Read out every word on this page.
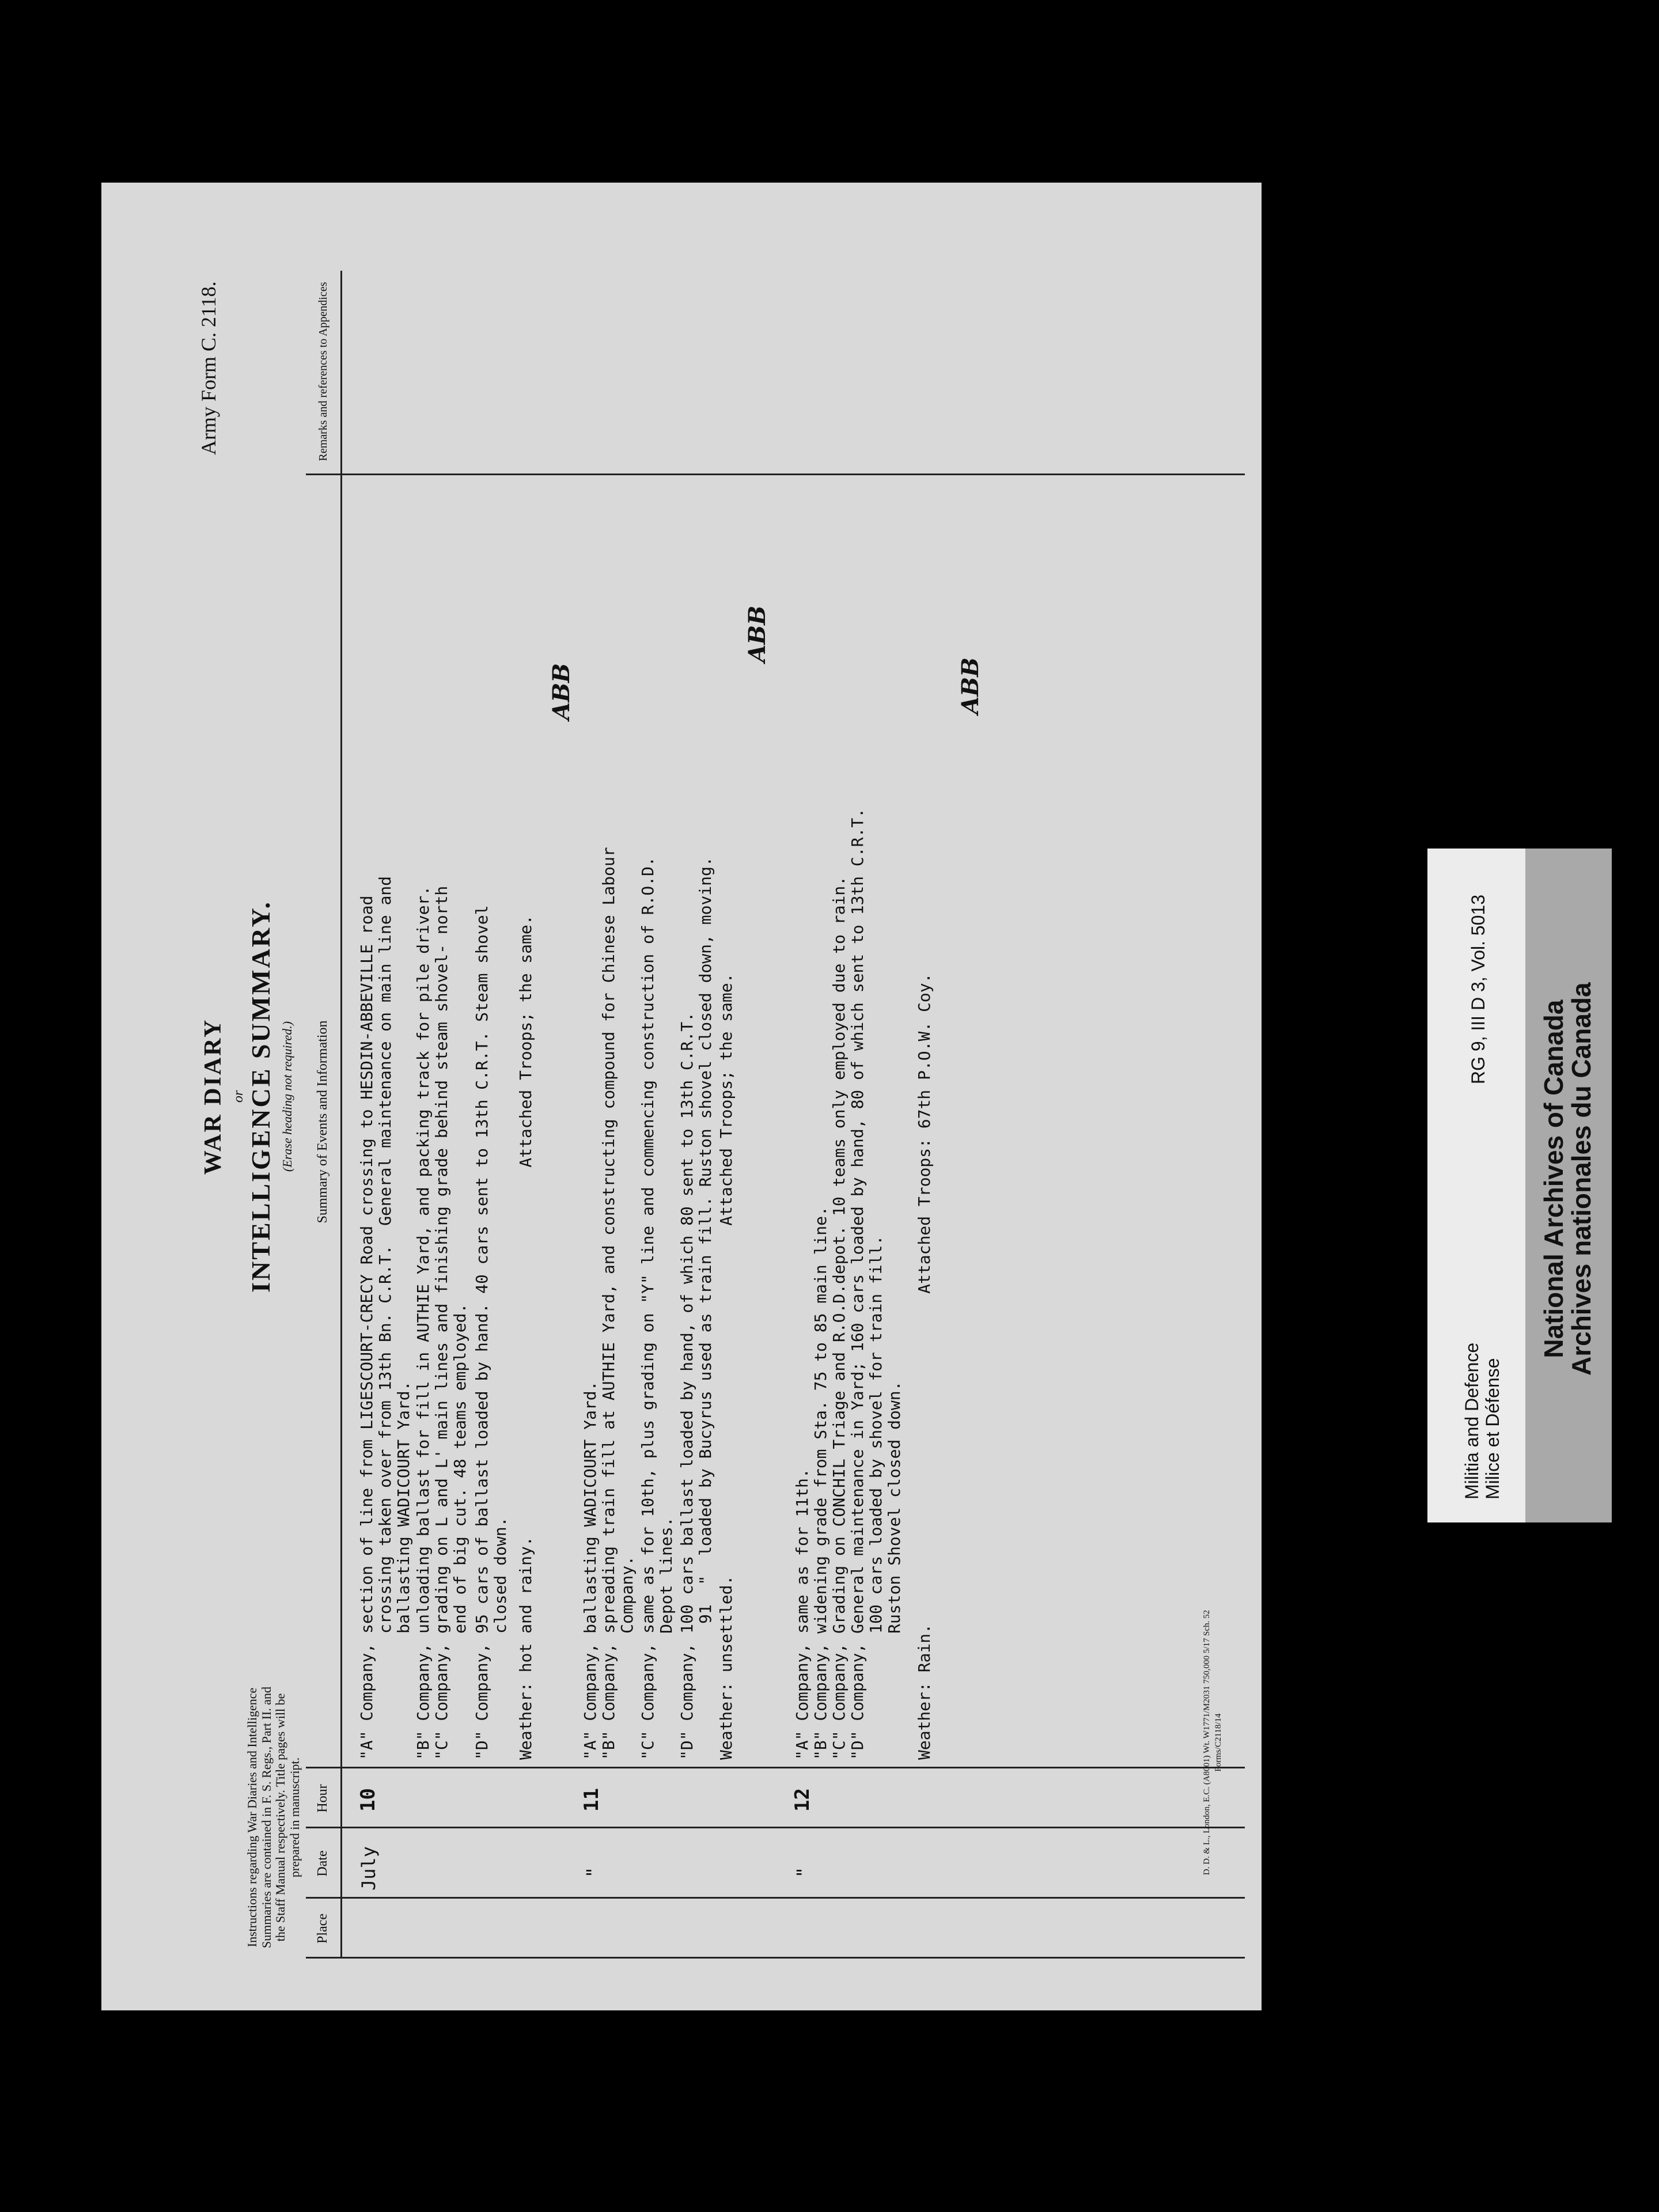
Army Form C. 2118.
WAR DIARY or INTELLIGENCE SUMMARY. (Erase heading not required.)
Instructions regarding War Diaries and Intelligence Summaries are contained in F. S. Regs., Part II. and the Staff Manual respectively. Title pages will be prepared in manuscript.
Place
Date
Hour
Summary of Events and Information
Remarks and references to Appendices
July
10
"A" Company, section of line from LIGESCOURT-CRECY Road crossing to HESDIN-ABBEVILLE road crossing taken over from 13th Bn. C.R.T.  General maintenance on main line and ballasting WADICOURT Yard. "B" Company, unloading ballast for fill in AUTHIE Yard, and packing track for pile driver. "C" Company, grading on L and L' main lines and finishing grade behind steam shovel- north end of big cut. 48 teams employed. "D" Company, 95 cars of ballast loaded by hand. 40 cars sent to 13th C.R.T. Steam shovel closed down. Weather: hot and rainy.                                      Attached Troops; the same.
ABB
"
11
"A" Company, ballasting WADICOURT Yard. "B" Company, spreading train fill at AUTHIE Yard, and constructing compound for Chinese Labour Company. "C" Company, same as for 10th, plus grading on "Y" line and commencing construction of R.O.D. Depot lines. "D" Company, 100 cars ballast loaded by hand, of which 80 sent to 13th C.R.T. 91  "  loaded by Bucyrus used as train fill. Ruston shovel closed down, moving. Weather: unsettled.                                    Attached Troops; the same.
ABB
"
12
"A" Company, same as for 11th. "B" Company, widening grade from Sta. 75 to 85 main line. "C" Company, Grading on CONCHIL Triage and R.O.D.depot. 10 teams only employed due to rain. "D" Company, General maintenance in Yard; 160 cars loaded by hand, 80 of which sent to 13th C.R.T. 100 cars loaded by shovel for train fill. Ruston Shovel closed down. Weather: Rain.                                  Attached Troops: 67th P.O.W. Coy.
ABB
D. D. & L., London, E.C. (A8001) Wt. W1771/M2031 750,000 5/17 Sch. 52 Forms/C2118/14
Militia and Defence Milice et Défense
RG 9, III D 3, Vol. 5013
National Archives of Canada
Archives nationales du Canada
